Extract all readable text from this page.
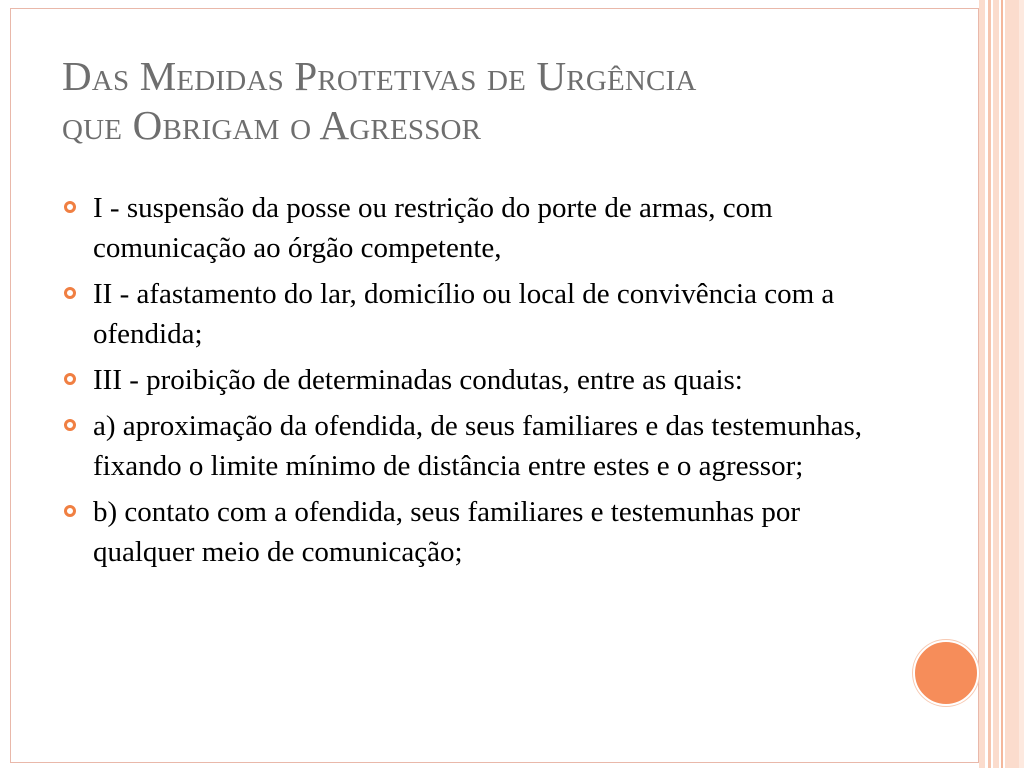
Das Medidas Protetivas de Urgência
que Obrigam o Agressor
I - suspensão da posse ou restrição do porte de armas, com comunicação ao órgão competente,
II - afastamento do lar, domicílio ou local de convivência com a ofendida;
III - proibição de determinadas condutas, entre as quais:
a) aproximação da ofendida, de seus familiares e das testemunhas, fixando o limite mínimo de distância entre estes e o agressor;
b) contato com a ofendida, seus familiares e testemunhas por qualquer meio de comunicação;
